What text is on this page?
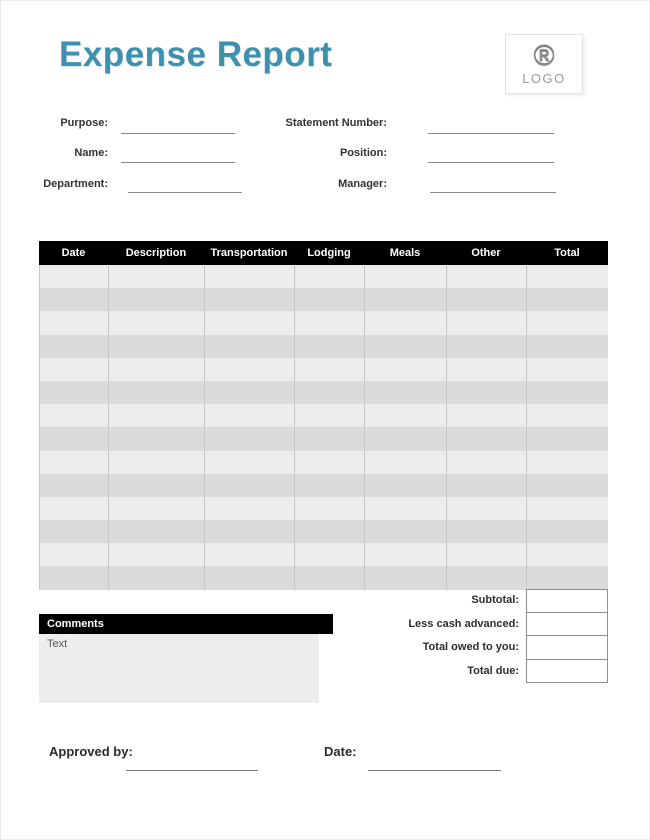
Expense Report	®
LOGO
Purpose:
Name:
Department:
Statement Number:
Position:
Manager:
Date	Description	Transportation	Lodging	Meals	Other	Total
Subtotal:
Less cash advanced:
Total owed to you:
Total due:
Comments
Text
Approved by:	Date:
